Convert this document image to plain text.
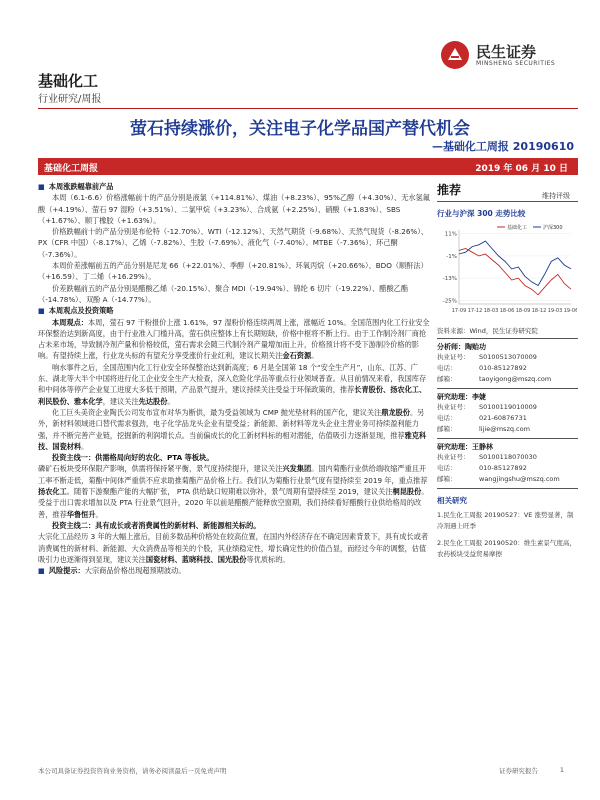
民生证券
MINSHENG SECURITIES
基础化工
行业研究/周报
萤石持续涨价，关注电子化学品国产替代机会
—基础化工周报 20190610
基础化工周报	2019 年 06 月 10 日

■ 本周涨跌幅靠前产品

本周（6.1-6.6）价格涨幅前十的产品分别是液氯（+114.81%）、煤油（+8.23%）、95%乙醇（+4.30%）、无水氢氟酸（+4.19%）、萤石 97 湿粉（+3.51%）、二氯甲烷（+3.23%）、合成氨（+2.25%）、硝酸（+1.83%）、SBS（+1.67%）、顺丁橡胶（+1.63%）。

价格跌幅前十的产品分别是布伦特（-12.70%）、WTI（-12.12%）、天然气期货（-9.68%）、天然气现货（-8.26%）、PX（CFR 中国）（-8.17%）、乙烯（-7.82%）、生胶（-7.69%）、液化气（-7.40%）、MTBE（-7.36%）、环己酮（-7.36%）。

本周价差涨幅前五的产品分别是尼龙 66（+22.01%）、季醇（+20.81%）、环氧丙烷（+20.66%）、BDO（顺酐法）（+16.59）、丁二烯（+16.29%）。

价差跌幅前五的产品分别是醋酸乙烯（-20.15%）、聚合 MDI（-19.94%）、锦纶 6 切片（-19.22%）、醋酸乙酯（-14.78%）、双酚 A（-14.77%）。

■ 本周观点及投资策略

本周观点：本周，萤石 97 干粉报价上涨 1.61%，97 湿粉价格连续两周上涨，涨幅近 10%。全国范围内化工行业安全环保整治达到新高度，由于行业准入门槛升高，萤石供应整体上有长期短缺，价格中枢将不断上行。由于工作制冷剂厂商抢占未来市场，导致制冷剂产量和价格较低，萤石需求会随三代制冷剂产量增加而上升，价格预计将不受下游制冷价格的影响。有望持续上涨，行业龙头标的有望充分享受涨价行业红利，建议长期关注金石资源。

响水事件之后，全国范围内化工行业安全环保整治达到新高度；6 月是全国第 18 个“安全生产月”，山东、江苏、广东、湖北等大半个中国将进行化工企业安全生产大检查，深入危险化学品等重点行业领域普查。从目前情况来看，我国库存和中间体等停产企业复工进度大多低于预期，产品景气提升，建议持续关注受益于环保政策的，推荐长青股份、扬农化工、利民股份、雅本化学，建议关注先达股份。

化工巨头美资企业陶氏公司发布宣布对华为断供，最为受益领域为 CMP 抛光垫材料的国产化，建议关注鼎龙股份。另外，新材料领域进口替代需求强劲，电子化学品龙头企业有望受益；新能源、新材料等龙头企业主营业务可持续盈利能力强，并不断完善产业链，挖掘新的利润增长点。当前偏成长的化工新材料标的相对潜能，估值吸引力逐渐显现，推荐雅克科技、国瓷材料。

投资主线一：供需格局向好的农化、PTA 等板块。

磷矿石板块受环保限产影响，供需将保持紧平衡，景气度持续提升，建议关注兴发集团。国内菊酯行业供给端收缩严重且开工率不断走低，菊酯中间体严重供不应求助推菊酯产品价格上行。我们认为菊酯行业景气度有望持续至 2019 年，重点推荐扬农化工。随着下游聚酯产能的大幅扩张， PTA 供给缺口短期难以弥补，景气周期有望持续至 2019，建议关注桐昆股份。受益于出口需求增加以及 PTA 行业景气回升，2020 年以前是醋酸产能释放空窗期，我们持续看好醋酸行业供给格局的改善，推荐华鲁恒升。

投资主线二：具有成长或者消费属性的新材料、新能源相关标的。

大宗化工品经历 3 年的大幅上涨后，目前多数品种价格处在较高位置，在国内外经济存在不确定因素背景下，具有成长或者消费属性的新材料、新能源、大众消费品等相关的个股，其业绩稳定性，增长确定性的价值凸显，而经过今年的调整，估值吸引力也逐渐得到显现，建议关注国瓷材料、蓝晓科技、国光股份等优质标的。

■ 风险提示：大宗商品价格出现超预期波动。

推荐	维持评级
行业与沪深 300 走势比较
11%
-1%
-13%
-25%
17-09 17-12 18-03 18-06 18-09 18-12 19-03 19-06
基础化工	沪深300
资料来源：Wind，民生证券研究院
分析师：陶贻功
执业证号：	S0100513070009
电话：	010-85127892
邮箱：	taoyigong@mszq.com
研究助理：李婕
执业证号：	S0100119010009
电话：	021-60876731
邮箱：	lijie@mszq.com
研究助理：王静林
执业证号：	S0100118070030
电话：	010-85127892
邮箱：	wangjingshu@mszq.com
相关研究

1.民生化工周报 20190527：VE 涨势显著，制冷剂遇上旺季

2.民生化工周报 20190520：维生素景气度高，农药板块受益贸易摩擦

本公司具备证券投资咨询业务资格，请务必阅读最后一页免责声明	证券研究报告	1
